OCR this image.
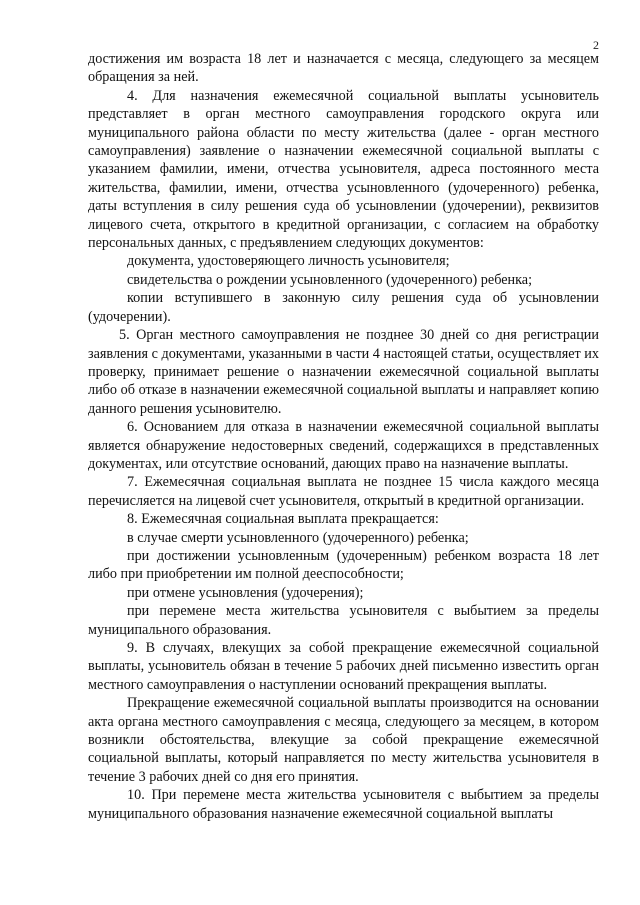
2

достижения им возраста 18 лет и назначается с месяца, следующего за месяцем обращения за ней.

4. Для назначения ежемесячной социальной выплаты усыновитель представляет в орган местного самоуправления городского округа или муниципального района области по месту жительства (далее - орган местного самоуправления) заявление о назначении ежемесячной социальной выплаты с указанием фамилии, имени, отчества усыновителя, адреса постоянного места жительства, фамилии, имени, отчества усыновленного (удочеренного) ребенка, даты вступления в силу решения суда об усыновлении (удочерении), реквизитов лицевого счета, открытого в кредитной организации, с согласием на обработку персональных данных, с предъявлением следующих документов:

документа, удостоверяющего личность усыновителя;

свидетельства о рождении усыновленного (удочеренного) ребенка;

копии вступившего в законную силу решения суда об усыновлении (удочерении).

5. Орган местного самоуправления не позднее 30 дней со дня регистрации заявления с документами, указанными в части 4 настоящей статьи, осуществляет их проверку, принимает решение о назначении ежемесячной социальной выплаты либо об отказе в назначении ежемесячной социальной выплаты и направляет копию данного решения усыновителю.

6. Основанием для отказа в назначении ежемесячной социальной выплаты является обнаружение недостоверных сведений, содержащихся в представленных документах, или отсутствие оснований, дающих право на назначение выплаты.

7. Ежемесячная социальная выплата не позднее 15 числа каждого месяца перечисляется на лицевой счет усыновителя, открытый в кредитной организации.

8. Ежемесячная социальная выплата прекращается:

в случае смерти усыновленного (удочеренного) ребенка;

при достижении усыновленным (удочеренным) ребенком возраста 18 лет либо при приобретении им полной дееспособности;

при отмене усыновления (удочерения);

при перемене места жительства усыновителя с выбытием за пределы муниципального образования.

9. В случаях, влекущих за собой прекращение ежемесячной социальной выплаты, усыновитель обязан в течение 5 рабочих дней письменно известить орган местного самоуправления о наступлении оснований прекращения выплаты.

Прекращение ежемесячной социальной выплаты производится на основании акта органа местного самоуправления с месяца, следующего за месяцем, в котором возникли обстоятельства, влекущие за собой прекращение ежемесячной социальной выплаты, который направляется по месту жительства усыновителя в течение 3 рабочих дней со дня его принятия.

10. При перемене места жительства усыновителя с выбытием за пределы муниципального образования назначение ежемесячной социальной выплаты
